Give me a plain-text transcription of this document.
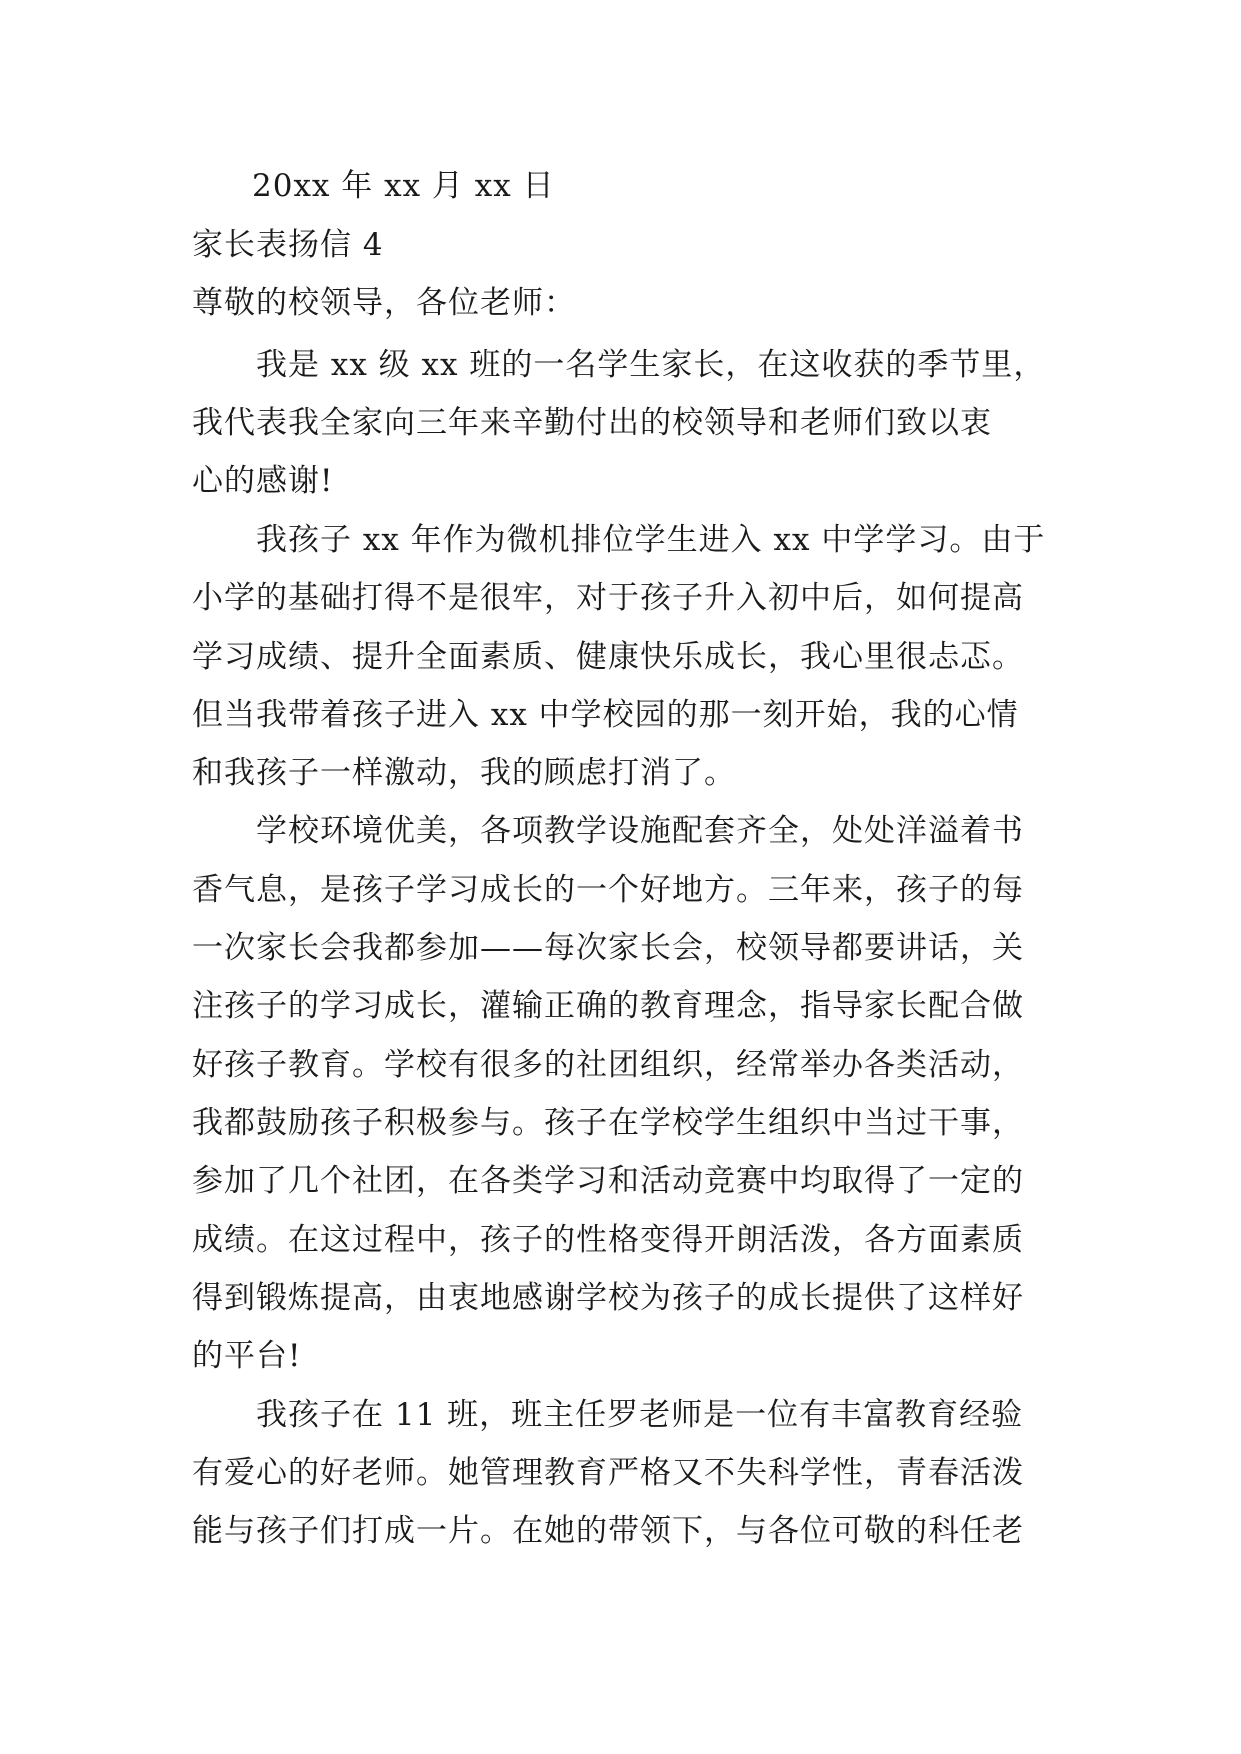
20xx 年 xx 月 xx 日
家长表扬信 4
尊敬的校领导，各位老师：
我是 xx 级 xx 班的一名学生家长，在这收获的季节里，
我代表我全家向三年来辛勤付出的校领导和老师们致以衷
心的感谢!
我孩子 xx 年作为微机排位学生进入 xx 中学学习。由于
小学的基础打得不是很牢，对于孩子升入初中后，如何提高
学习成绩、提升全面素质、健康快乐成长，我心里很忐忑。
但当我带着孩子进入 xx 中学校园的那一刻开始，我的心情
和我孩子一样激动，我的顾虑打消了。
学校环境优美，各项教学设施配套齐全，处处洋溢着书
香气息，是孩子学习成长的一个好地方。三年来，孩子的每
一次家长会我都参加——每次家长会，校领导都要讲话，关
注孩子的学习成长，灌输正确的教育理念，指导家长配合做
好孩子教育。学校有很多的社团组织，经常举办各类活动，
我都鼓励孩子积极参与。孩子在学校学生组织中当过干事，
参加了几个社团，在各类学习和活动竞赛中均取得了一定的
成绩。在这过程中，孩子的性格变得开朗活泼，各方面素质
得到锻炼提高，由衷地感谢学校为孩子的成长提供了这样好
的平台!
我孩子在 11 班，班主任罗老师是一位有丰富教育经验
有爱心的好老师。她管理教育严格又不失科学性，青春活泼
能与孩子们打成一片。在她的带领下，与各位可敬的科任老
